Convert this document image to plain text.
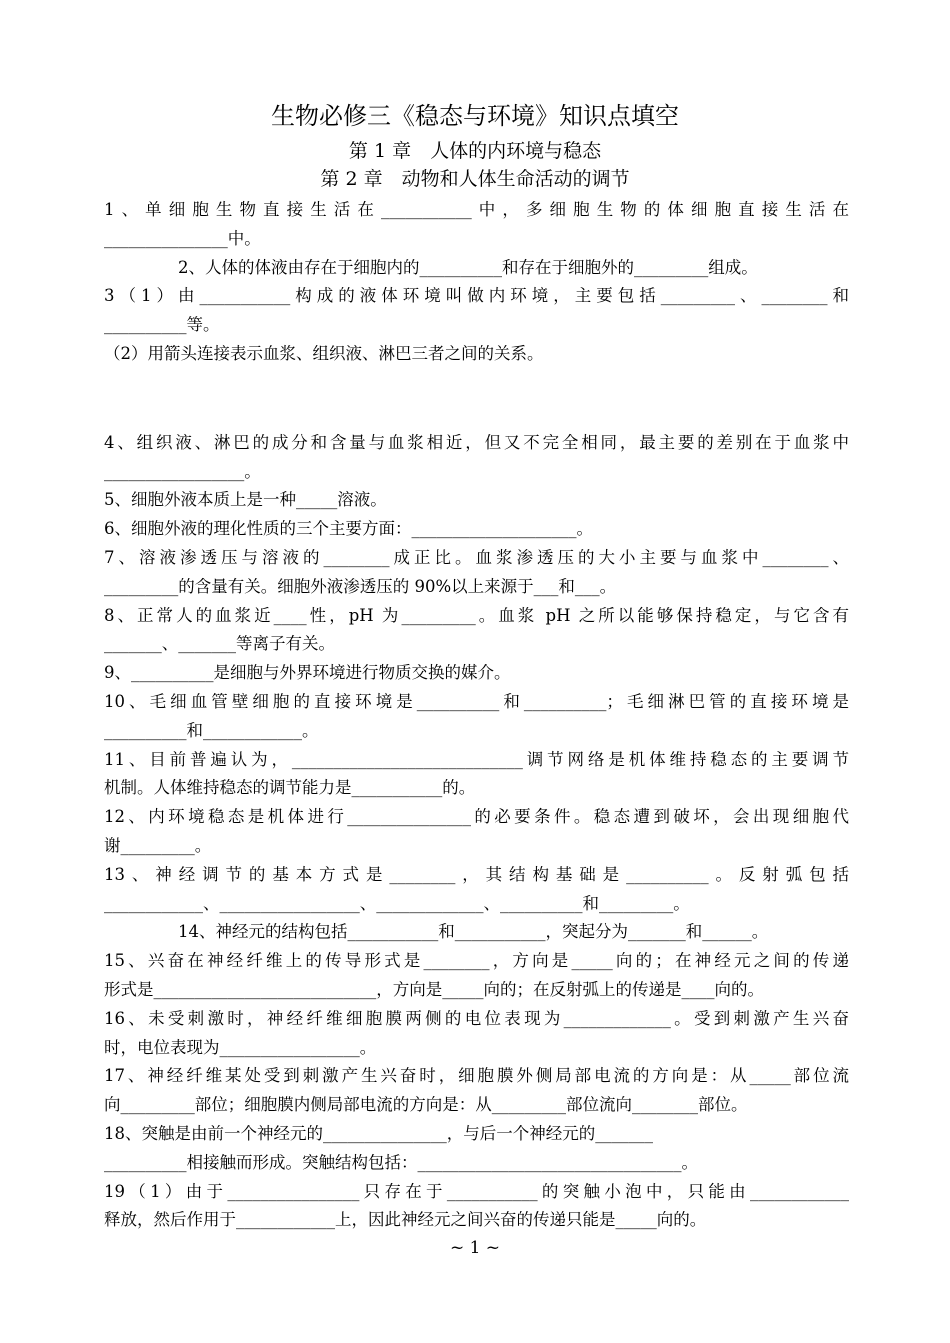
生物必修三《稳态与环境》知识点填空
第 1 章　人体的内环境与稳态
第 2 章　动物和人体生命活动的调节
1、单细胞生物直接生活在___________中，多细胞生物的体细胞直接生活在
_______________中。
2、人体的体液由存在于细胞内的__________和存在于细胞外的_________组成。
3（1）由___________构成的液体环境叫做内环境，主要包括_________、________和
__________等。
（2）用箭头连接表示血浆、组织液、淋巴三者之间的关系。
4、组织液、淋巴的成分和含量与血浆相近，但又不完全相同，最主要的差别在于血浆中
_________________。
5、细胞外液本质上是一种_____溶液。
6、细胞外液的理化性质的三个主要方面：____________________。
7、溶液渗透压与溶液的________成正比。血浆渗透压的大小主要与血浆中________、
_________的含量有关。细胞外液渗透压的 90%以上来源于___和___。
8、正常人的血浆近____性，pH 为_________。血浆 pH 之所以能够保持稳定，与它含有
_______、_______等离子有关。
9、__________是细胞与外界环境进行物质交换的媒介。
10、毛细血管壁细胞的直接环境是__________和__________；毛细淋巴管的直接环境是
__________和____________。
11、目前普遍认为，____________________________调节网络是机体维持稳态的主要调节
机制。人体维持稳态的调节能力是___________的。
12、内环境稳态是机体进行_______________的必要条件。稳态遭到破坏，会出现细胞代
谢_________。
13、神经调节的基本方式是________，其结构基础是__________。反射弧包括
____________、_________________、_____________、__________和_________。
14、神经元的结构包括___________和___________，突起分为_______和______。
15、兴奋在神经纤维上的传导形式是________，方向是_____向的；在神经元之间的传递
形式是___________________________，方向是_____向的；在反射弧上的传递是____向的。
16、未受刺激时，神经纤维细胞膜两侧的电位表现为_____________。受到刺激产生兴奋
时，电位表现为_________________。
17、神经纤维某处受到刺激产生兴奋时，细胞膜外侧局部电流的方向是：从_____部位流
向_________部位；细胞膜内侧局部电流的方向是：从_________部位流向________部位。
18、突触是由前一个神经元的_______________，与后一个神经元的_______
__________相接触而形成。突触结构包括：________________________________。
19（1）由于________________只存在于___________的突触小泡中，只能由____________
释放，然后作用于____________上，因此神经元之间兴奋的传递只能是_____向的。
~ 1 ~
